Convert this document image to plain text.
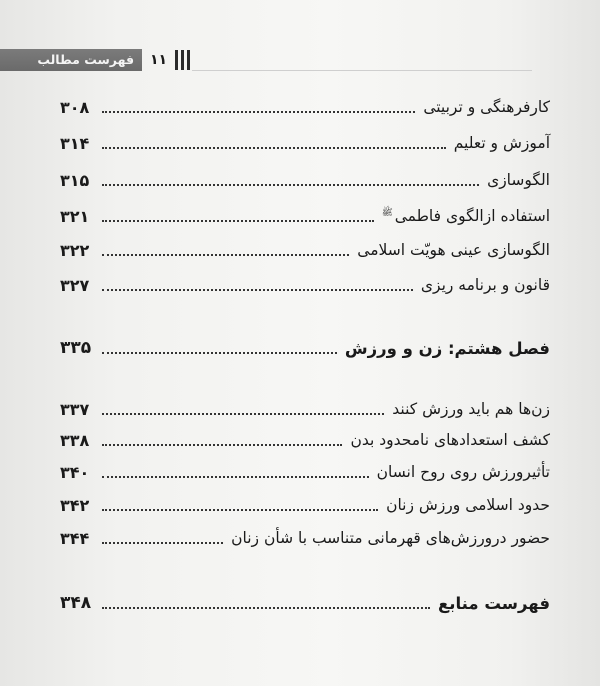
فهرست مطالب	۱۱
کارفرهنگی و تربیتی
۳۰۸
آموزش و تعلیم
۳۱۴
الگوسازی
۳۱۵
استفاده ازالگوی فاطمی$^ﷺ$
۳۲۱
الگوسازی عینی هویّت اسلامی
۳۲۲
قانون و برنامه ریزی
۳۲۷
فصل هشتم: زن و ورزش
۳۳۵
زن‌ها هم باید ورزش کنند
۳۳۷
کشف استعدادهای نامحدود بدن
۳۳۸
تأثیرورزش روی روح انسان
۳۴۰
حدود اسلامی ورزش زنان
۳۴۲
حضور درورزش‌های قهرمانی متناسب با شأن زنان
۳۴۴
فهرست منابع
۳۴۸
